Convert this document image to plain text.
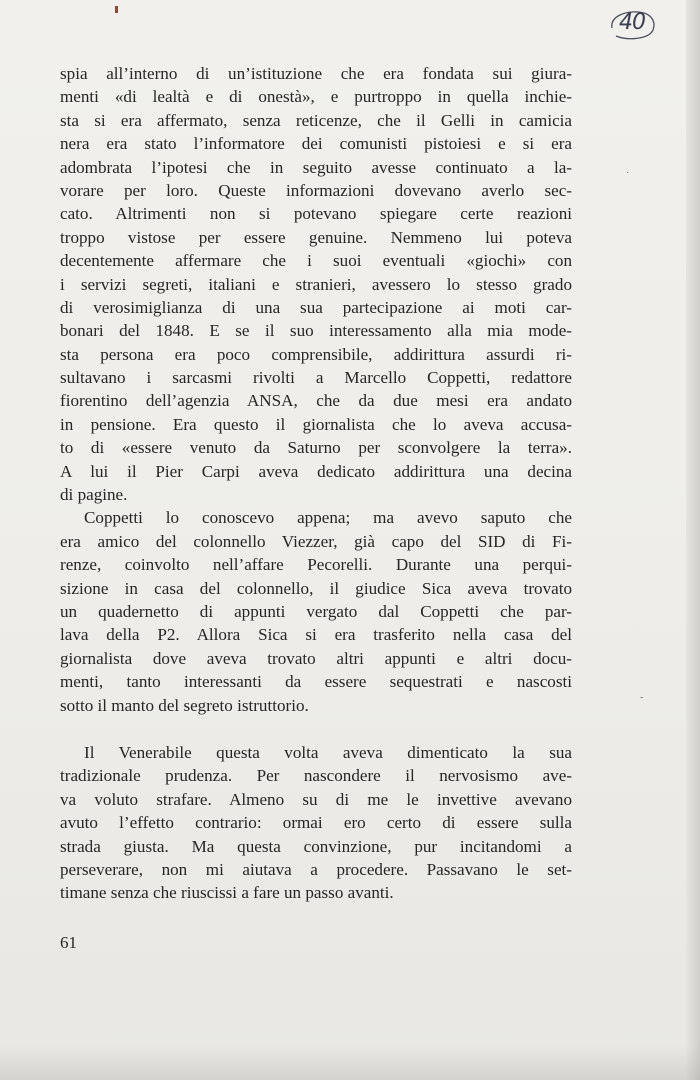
·
-
40
spia all’interno di un’istituzione che era fondata sui giura-
menti «di lealtà e di onestà», e purtroppo in quella inchie-
sta si era affermato, senza reticenze, che il Gelli in camicia
nera era stato l’informatore dei comunisti pistoiesi e si era
adombrata l’ipotesi che in seguito avesse continuato a la-
vorare per loro. Queste informazioni dovevano averlo sec-
cato. Altrimenti non si potevano spiegare certe reazioni
troppo vistose per essere genuine. Nemmeno lui poteva
decentemente affermare che i suoi eventuali «giochi» con
i servizi segreti, italiani e stranieri, avessero lo stesso grado
di verosimiglianza di una sua partecipazione ai moti car-
bonari del 1848. E se il suo interessamento alla mia mode-
sta persona era poco comprensibile, addirittura assurdi ri-
sultavano i sarcasmi rivolti a Marcello Coppetti, redattore
fiorentino dell’agenzia ANSA, che da due mesi era andato
in pensione. Era questo il giornalista che lo aveva accusa-
to di «essere venuto da Saturno per sconvolgere la terra».
A lui il Pier Carpi aveva dedicato addirittura una decina
di pagine.
Coppetti lo conoscevo appena; ma avevo saputo che
era amico del colonnello Viezzer, già capo del SID di Fi-
renze, coinvolto nell’affare Pecorelli. Durante una perqui-
sizione in casa del colonnello, il giudice Sica aveva trovato
un quadernetto di appunti vergato dal Coppetti che par-
lava della P2. Allora Sica si era trasferito nella casa del
giornalista dove aveva trovato altri appunti e altri docu-
menti, tanto interessanti da essere sequestrati e nascosti
sotto il manto del segreto istruttorio.
Il Venerabile questa volta aveva dimenticato la sua
tradizionale prudenza. Per nascondere il nervosismo ave-
va voluto strafare. Almeno su di me le invettive avevano
avuto l’effetto contrario: ormai ero certo di essere sulla
strada giusta. Ma questa convinzione, pur incitandomi a
perseverare, non mi aiutava a procedere. Passavano le set-
timane senza che riuscissi a fare un passo avanti.
61
